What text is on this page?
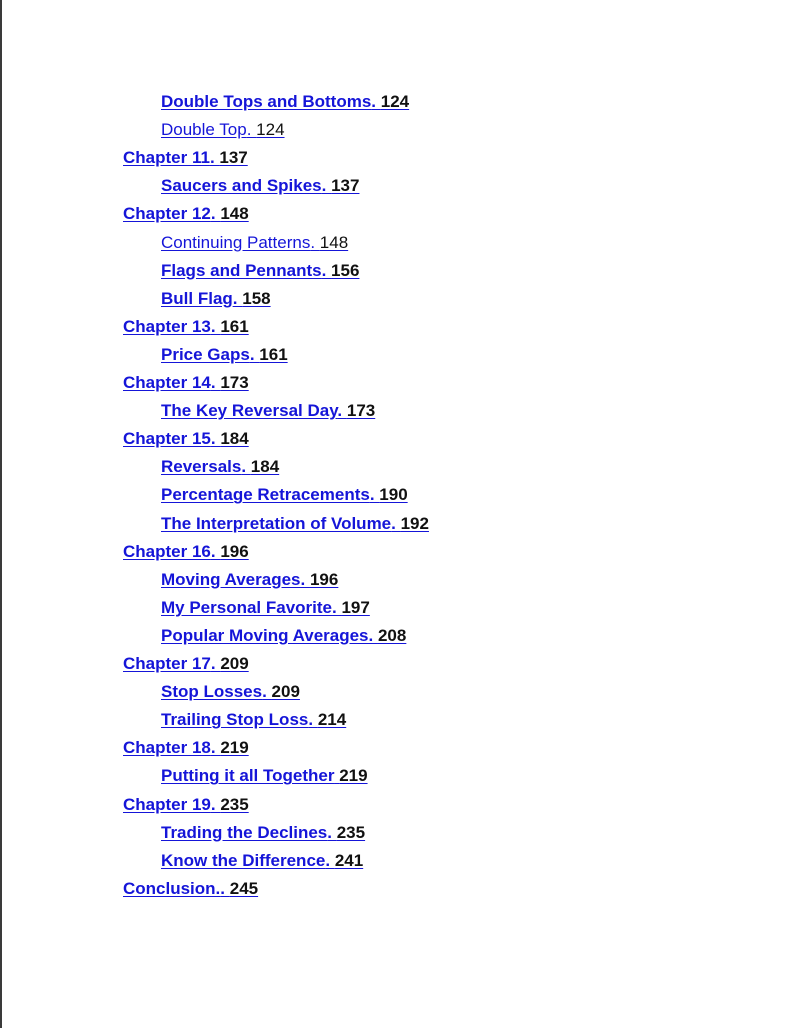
Double Tops and Bottoms. 124
Double Top. 124
Chapter 11. 137
Saucers and Spikes. 137
Chapter 12. 148
Continuing Patterns. 148
Flags and Pennants. 156
Bull Flag. 158
Chapter 13. 161
Price Gaps. 161
Chapter 14. 173
The Key Reversal Day. 173
Chapter 15. 184
Reversals. 184
Percentage Retracements. 190
The Interpretation of Volume. 192
Chapter 16. 196
Moving Averages. 196
My Personal Favorite. 197
Popular Moving Averages. 208
Chapter 17. 209
Stop Losses. 209
Trailing Stop Loss. 214
Chapter 18. 219
Putting it all Together 219
Chapter 19. 235
Trading the Declines. 235
Know the Difference. 241
Conclusion.. 245
